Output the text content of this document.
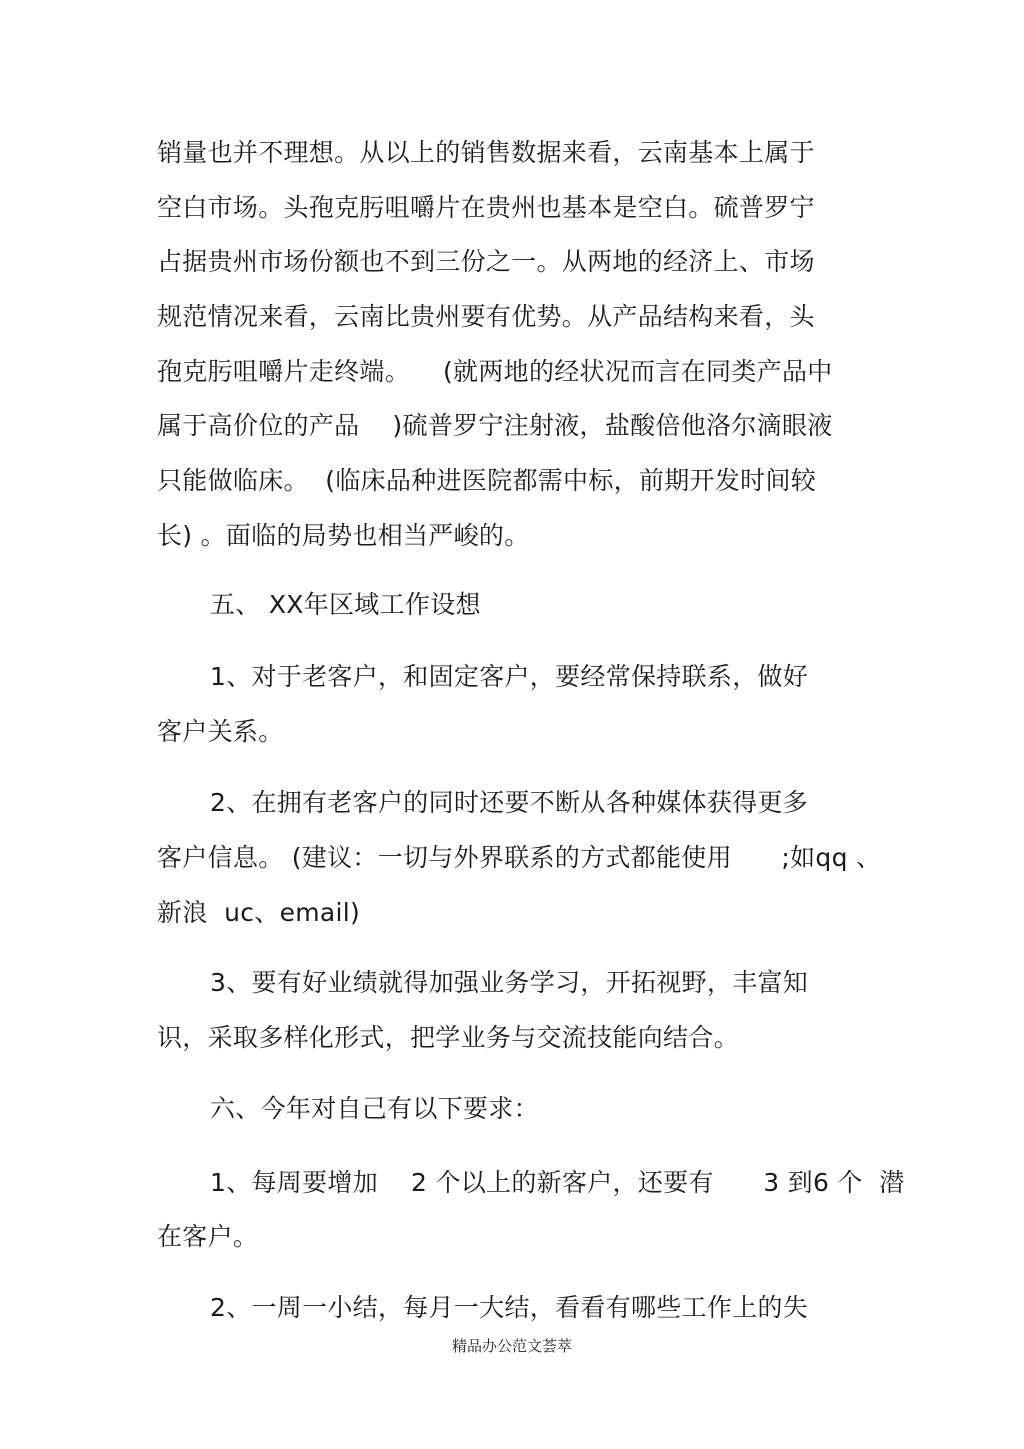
销量也并不理想。从以上的销售数据来看，云南基本上属于
空白市场。头孢克肟咀嚼片在贵州也基本是空白。硫普罗宁
占据贵州市场份额也不到三份之一。从两地的经济上、市场
规范情况来看，云南比贵州要有优势。从产品结构来看，头
孢克肟咀嚼片走终端。    (就两地的经状况而言在同类产品中
属于高价位的产品    )硫普罗宁注射液，盐酸倍他洛尔滴眼液
只能做临床。  (临床品种进医院都需中标，前期开发时间较
长) 。面临的局势也相当严峻的。
五、 XX年区域工作设想
1、对于老客户，和固定客户，要经常保持联系，做好
客户关系。
2、在拥有老客户的同时还要不断从各种媒体获得更多
客户信息。 (建议：一切与外界联系的方式都能使用      ;如qq 、
新浪  uc、email)
3、要有好业绩就得加强业务学习，开拓视野，丰富知
识，采取多样化形式，把学业务与交流技能向结合。
六、今年对自己有以下要求：
1、每周要增加    2 个以上的新客户，还要有      3 到6 个  潜
在客户。
2、一周一小结，每月一大结，看看有哪些工作上的失
精品办公范文荟萃
